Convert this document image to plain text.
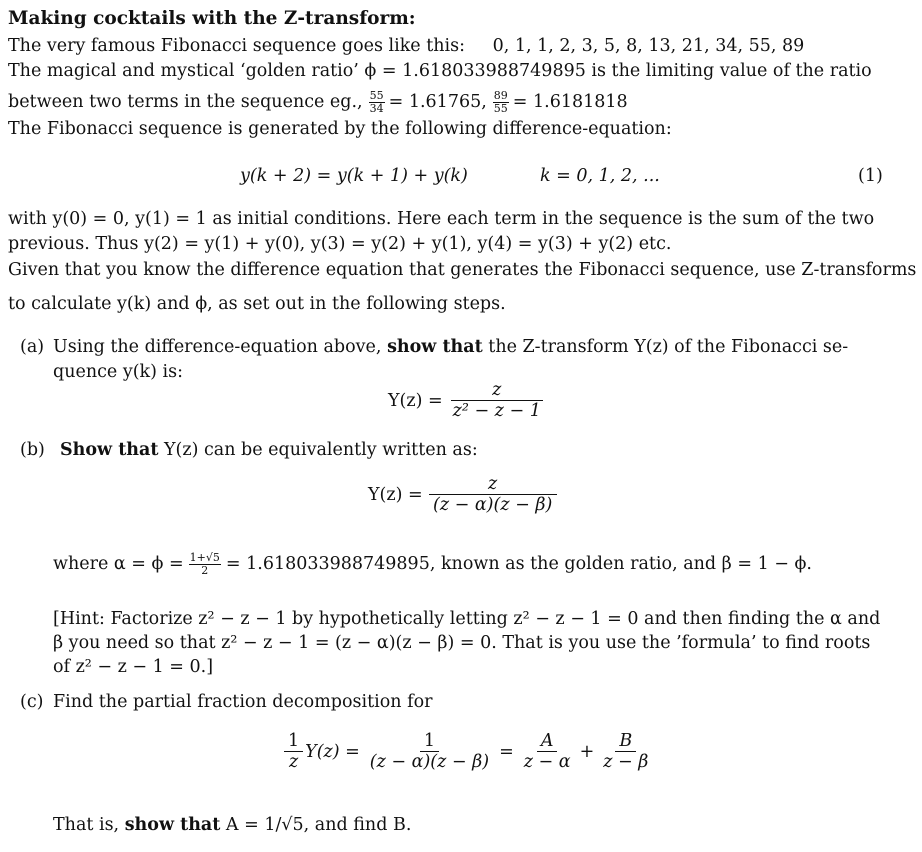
Making cocktails with the Z-transform:
The very famous Fibonacci sequence goes like this: 0, 1, 1, 2, 3, 5, 8, 13, 21, 34, 55, 89
The magical and mystical ‘golden ratio’ ϕ = 1.618033988749895 is the limiting value of the ratio
between two terms in the sequence eg., $\frac{55}{34} = 1.61765$, $\frac{89}{55} = 1.6181818$
The Fibonacci sequence is generated by the following difference-equation:
y(k + 2) = y(k + 1) + y(k)	k = 0, 1, 2, ...	(1)
with y(0) = 0, y(1) = 1 as initial conditions. Here each term in the sequence is the sum of the two
previous. Thus y(2) = y(1) + y(0), y(3) = y(2) + y(1), y(4) = y(3) + y(2) etc.
Given that you know the difference equation that generates the Fibonacci sequence, use Z-transforms
to calculate y(k) and ϕ, as set out in the following steps.
(a) Using the difference-equation above, show that the Z-transform Y(z) of the Fibonacci se-
quence y(k) is:
$Y(z) = \frac{z}{\text{z² − z − 1}}$
(b) Show that Y(z) can be equivalently written as:
$Y(z) = \frac{z}{(z - \alpha)(z - \beta)}$
where $\alpha = \phi = \frac{1+√5}{2} = 1.618033988749895$, known as the golden ratio, and β = 1 − ϕ.
[Hint: Factorize z² − z − 1 by hypothetically letting z² − z − 1 = 0 and then finding the α and
β you need so that z² − z − 1 = (z − α)(z − β) = 0. That is you use the ’formula’ to find roots
of z² − z − 1 = 0.]
(c) Find the partial fraction decomposition for
$\frac{1}{z} Y(z) = \frac{1}{(z - \alpha)(z - \beta)} = \frac{A}{z - \alpha} + \frac{B}{z - \beta}$
That is, show that A = 1/√5, and find B.
